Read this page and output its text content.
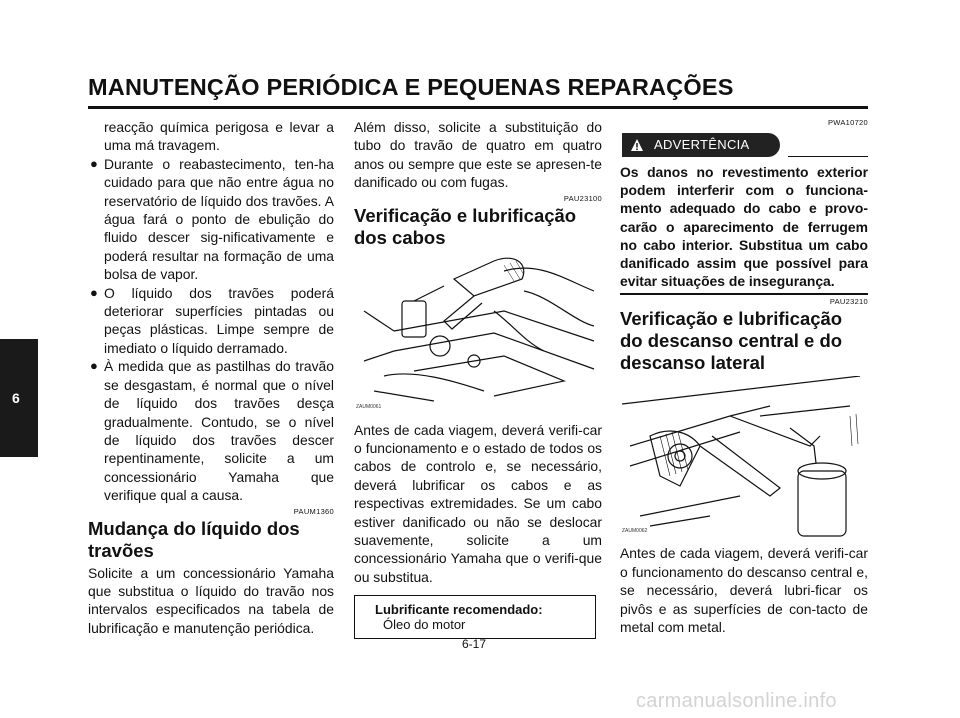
MANUTENÇÃO PERIÓDICA E PEQUENAS REPARAÇÕES
6

reacção química perigosa e levar a uma má travagem.

● Durante o reabastecimento, ten-ha cuidado para que não entre água no reservatório de líquido dos travões. A água fará o ponto de ebulição do fluido descer sig-nificativamente e poderá resultar na formação de uma bolsa de vapor.
● O líquido dos travões poderá deteriorar superfícies pintadas ou peças plásticas. Limpe sempre de imediato o líquido derramado.
● À medida que as pastilhas do travão se desgastam, é normal que o nível de líquido dos travões desça gradualmente. Contudo, se o nível de líquido dos travões descer repentinamente, solicite a um concessionário Yamaha que verifique qual a causa.

PAUM1360

Mudança do líquido dos travões

Solicite a um concessionário Yamaha que substitua o líquido do travão nos intervalos especificados na tabela de lubrificação e manutenção periódica.

Além disso, solicite a substituição do tubo do travão de quatro em quatro anos ou sempre que este se apresen-te danificado ou com fugas.

PAU23100

Verificação e lubrificação dos cabos
ZAUM0061

Antes de cada viagem, deverá verifi-car o funcionamento e o estado de todos os cabos de controlo e, se necessário, deverá lubrificar os cabos e as respectivas extremidades. Se um cabo estiver danificado ou não se deslocar suavemente, solicite a um concessionário Yamaha que o verifi-que ou substitua.

Lubrificante recomendado:
Óleo do motor

PWA10720

ADVERTÊNCIA

Os danos no revestimento exterior podem interferir com o funciona-mento adequado do cabo e provo-carão o aparecimento de ferrugem no cabo interior. Substitua um cabo danificado assim que possível para evitar situações de insegurança.

PAU23210

Verificação e lubrificação do descanso central e do descanso lateral
ZAUM0062

Antes de cada viagem, deverá verifi-car o funcionamento do descanso central e, se necessário, deverá lubri-ficar os pivôs e as superfícies de con-tacto de metal com metal.

6-17
carmanualsonline.info
